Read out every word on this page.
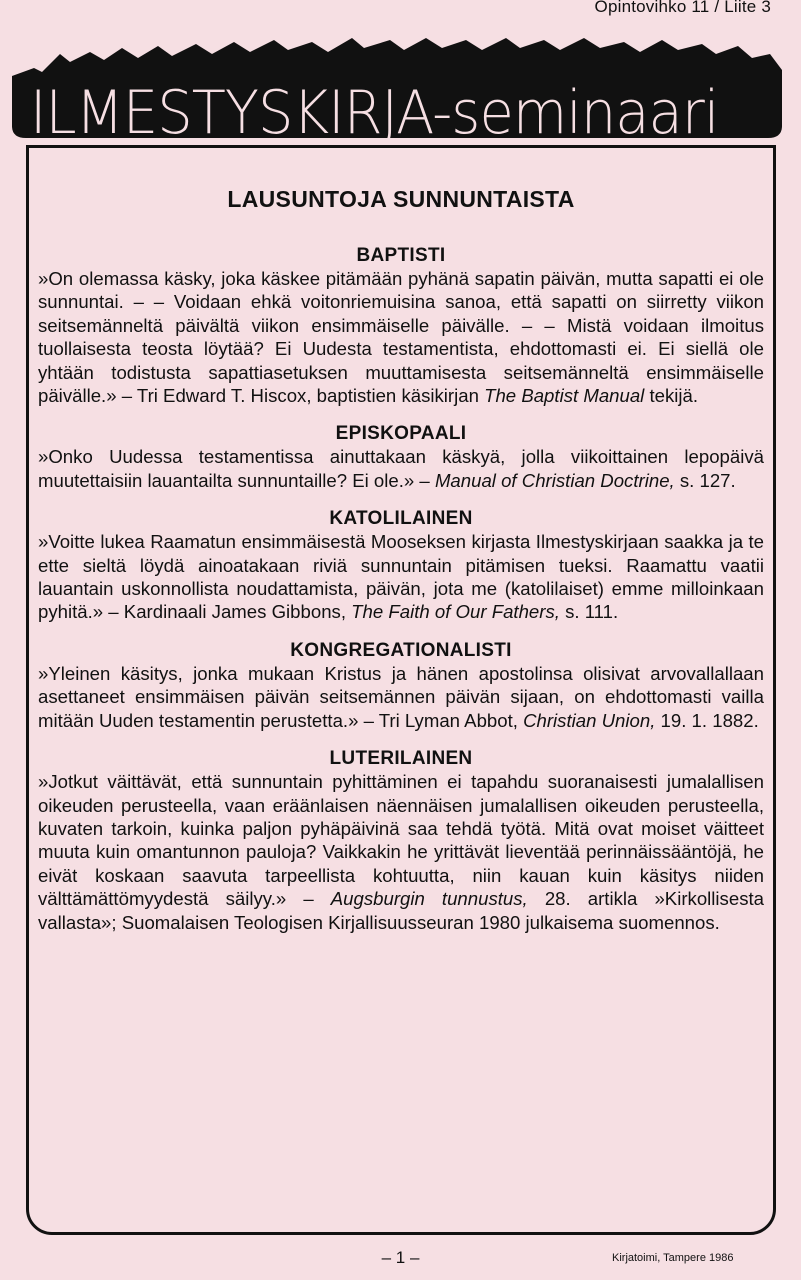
Opintovihko 11 / Liite 3
ILMESTYSKIRJA-seminaari
LAUSUNTOJA SUNNUNTAISTA
BAPTISTI

»On olemassa käsky, joka käskee pitämään pyhänä sapatin päivän, mutta sapatti ei ole sunnuntai. – – Voidaan ehkä voitonriemuisina sanoa, että sapatti on siirretty viikon seitsemänneltä päivältä viikon ensimmäiselle päivälle. – – Mistä voidaan ilmoitus tuollaisesta teosta löytää? Ei Uudesta testamentista, ehdottomasti ei. Ei siellä ole yhtään todistusta sapattiasetuksen muuttamisesta seitsemänneltä ensimmäiselle päivälle.» – Tri Edward T. Hiscox, baptistien käsikirjan The Baptist Manual tekijä.

EPISKOPAALI

»Onko Uudessa testamentissa ainuttakaan käskyä, jolla viikoittainen lepopäivä muutettaisiin lauantailta sunnuntaille? Ei ole.» – Manual of Christian Doctrine, s. 127.

KATOLILAINEN

»Voitte lukea Raamatun ensimmäisestä Mooseksen kirjasta Ilmestyskirjaan saakka ja te ette sieltä löydä ainoatakaan riviä sunnuntain pitämisen tueksi. Raamattu vaatii lauantain uskonnollista noudattamista, päivän, jota me (katolilaiset) emme milloinkaan pyhitä.» – Kardinaali James Gibbons, The Faith of Our Fathers, s. 111.

KONGREGATIONALISTI

»Yleinen käsitys, jonka mukaan Kristus ja hänen apostolinsa olisivat arvovallallaan asettaneet ensimmäisen päivän seitsemännen päivän sijaan, on ehdottomasti vailla mitään Uuden testamentin perustetta.» – Tri Lyman Abbot, Christian Union, 19. 1. 1882.

LUTERILAINEN

»Jotkut väittävät, että sunnuntain pyhittäminen ei tapahdu suoranaisesti jumalallisen oikeuden perusteella, vaan eräänlaisen näennäisen jumalallisen oikeuden perusteella, kuvaten tarkoin, kuinka paljon pyhäpäivinä saa tehdä työtä. Mitä ovat moiset väitteet muuta kuin omantunnon pauloja? Vaikkakin he yrittävät lieventää perinnäissääntöjä, he eivät koskaan saavuta tarpeellista kohtuutta, niin kauan kuin käsitys niiden välttämättömyydestä säilyy.» – Augsburgin tunnustus, 28. artikla »Kirkollisesta vallasta»; Suomalaisen Teologisen Kirjallisuusseuran 1980 julkaisema suomennos.

– 1 –	Kirjatoimi, Tampere 1986
